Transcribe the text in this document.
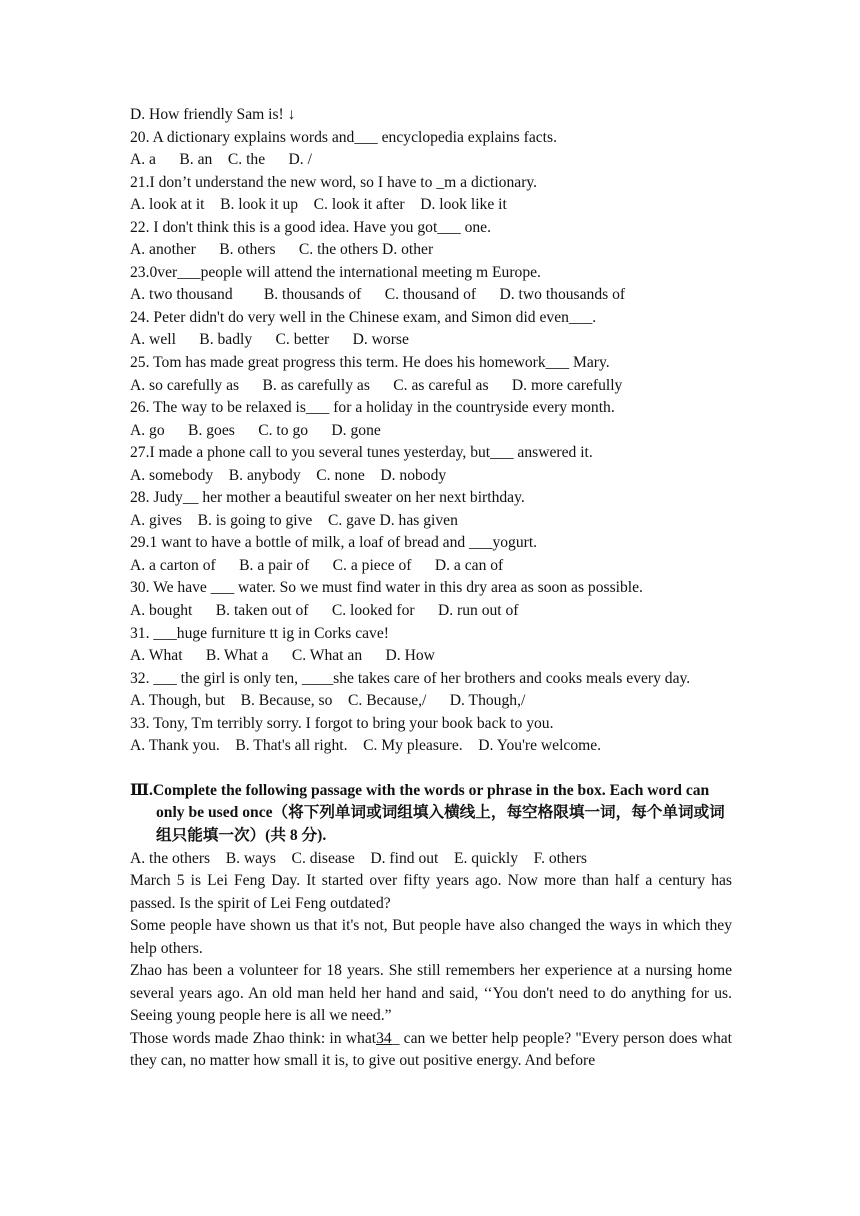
D. How friendly Sam is! ↓
20. A dictionary explains words and___ encyclopedia explains facts.
A. a      B. an    C. the      D. /
21.I don’t understand the new word, so I have to _m a dictionary.
A. look at it    B. look it up    C. look it after    D. look like it
22. I don't think this is a good idea. Have you got___ one.
A. another      B. others      C. the others D. other
23.0ver___people will attend the international meeting m Europe.
A. two thousand        B. thousands of      C. thousand of      D. two thousands of
24. Peter didn't do very well in the Chinese exam, and Simon did even___.
A. well      B. badly      C. better      D. worse
25. Tom has made great progress this term. He does his homework___ Mary.
A. so carefully as      B. as carefully as      C. as careful as      D. more carefully
26. The way to be relaxed is___ for a holiday in the countryside every month.
A. go      B. goes      C. to go      D. gone
27.I made a phone call to you several tunes yesterday, but___ answered it.
A. somebody    B. anybody    C. none    D. nobody
28. Judy__ her mother a beautiful sweater on her next birthday.
A. gives    B. is going to give    C. gave D. has given
29.1 want to have a bottle of milk, a loaf of bread and ___yogurt.
A. a carton of      B. a pair of      C. a piece of      D. a can of
30. We have ___ water. So we must find water in this dry area as soon as possible.
A. bought      B. taken out of      C. looked for      D. run out of
31. ___huge furniture tt ig in Corks cave!
A. What      B. What a      C. What an      D. How
32. ___ the girl is only ten, ____she takes care of her brothers and cooks meals every day.
A. Though, but    B. Because, so    C. Because,/      D. Though,/
33. Tony, Tm terribly sorry. I forgot to bring your book back to you.
A. Thank you.    B. That's all right.    C. My pleasure.    D. You're welcome.
Ⅲ.Complete the following passage with the words or phrase in the box. Each word can only be used once（将下列单词或词组填入横线上，每空格限填一词，每个单词或词组只能填一次）(共 8 分).
A. the others    B. ways    C. disease    D. find out    E. quickly    F. others
March 5 is Lei Feng Day. It started over fifty years ago. Now more than half a century has passed. Is the spirit of Lei Feng outdated?
Some people have shown us that it's not, But people have also changed the ways in which they help others.
Zhao has been a volunteer for 18 years. She still remembers her experience at a nursing home several years ago. An old man held her hand and said, ‘‘You don't need to do anything for us. Seeing young people here is all we need.”
Those words made Zhao think: in what34_ can we better help people? "Every person does what they can, no matter how small it is, to give out positive energy. And before
